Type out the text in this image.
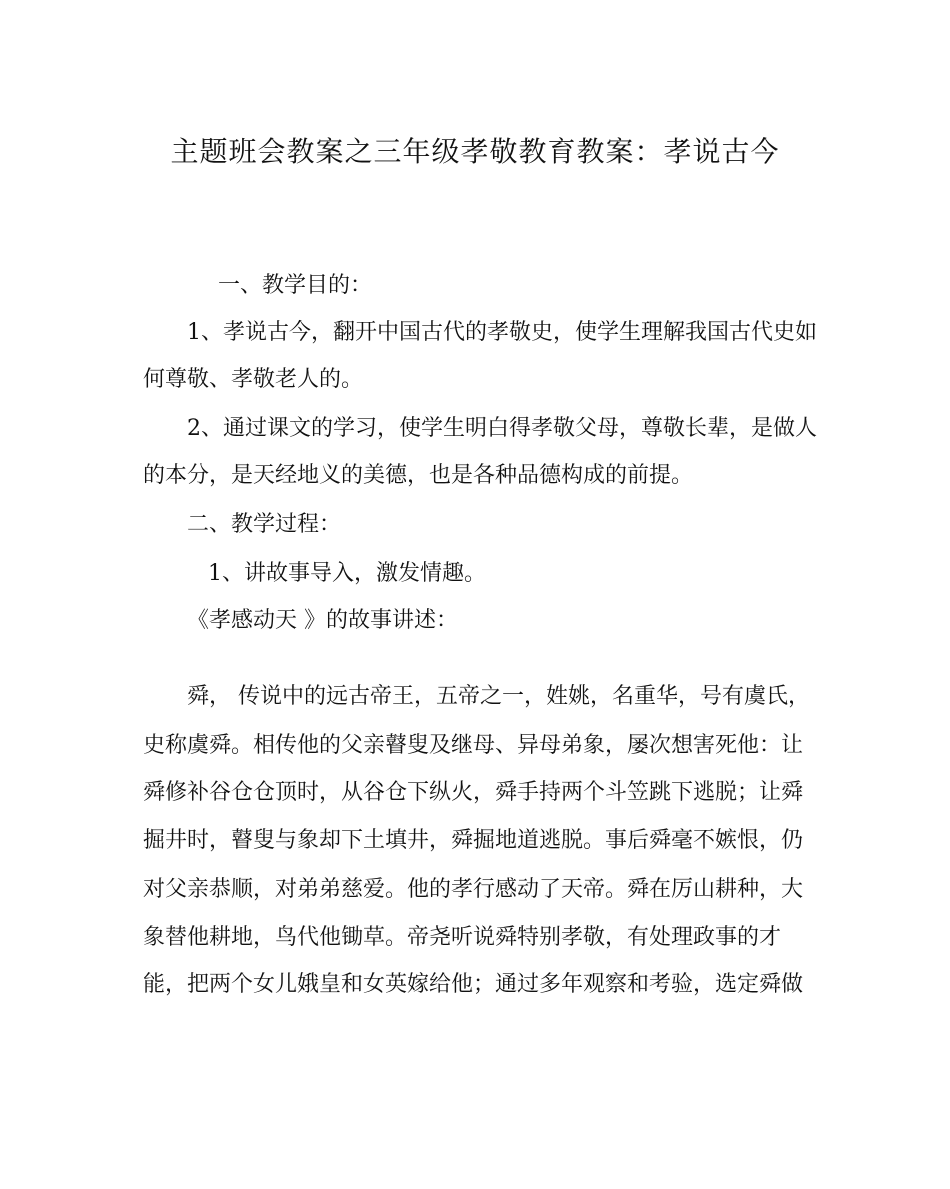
主题班会教案之三年级孝敬教育教案：孝说古今
一、教学目的：
1、孝说古今，翻开中国古代的孝敬史，使学生理解我国古代史如
何尊敬、孝敬老人的。
2、通过课文的学习，使学生明白得孝敬父母，尊敬长辈，是做人
的本分，是天经地义的美德，也是各种品德构成的前提。
二、教学过程：
1、讲故事导入，激发情趣。
《孝感动天 》的故事讲述：
舜， 传说中的远古帝王，五帝之一，姓姚，名重华，号有虞氏，
史称虞舜。相传他的父亲瞽叟及继母、异母弟象，屡次想害死他：让
舜修补谷仓仓顶时，从谷仓下纵火，舜手持两个斗笠跳下逃脱；让舜
掘井时，瞽叟与象却下土填井，舜掘地道逃脱。事后舜毫不嫉恨，仍
对父亲恭顺，对弟弟慈爱。他的孝行感动了天帝。舜在厉山耕种，大
象替他耕地，鸟代他锄草。帝尧听说舜特别孝敬，有处理政事的才
能，把两个女儿娥皇和女英嫁给他；通过多年观察和考验，选定舜做
